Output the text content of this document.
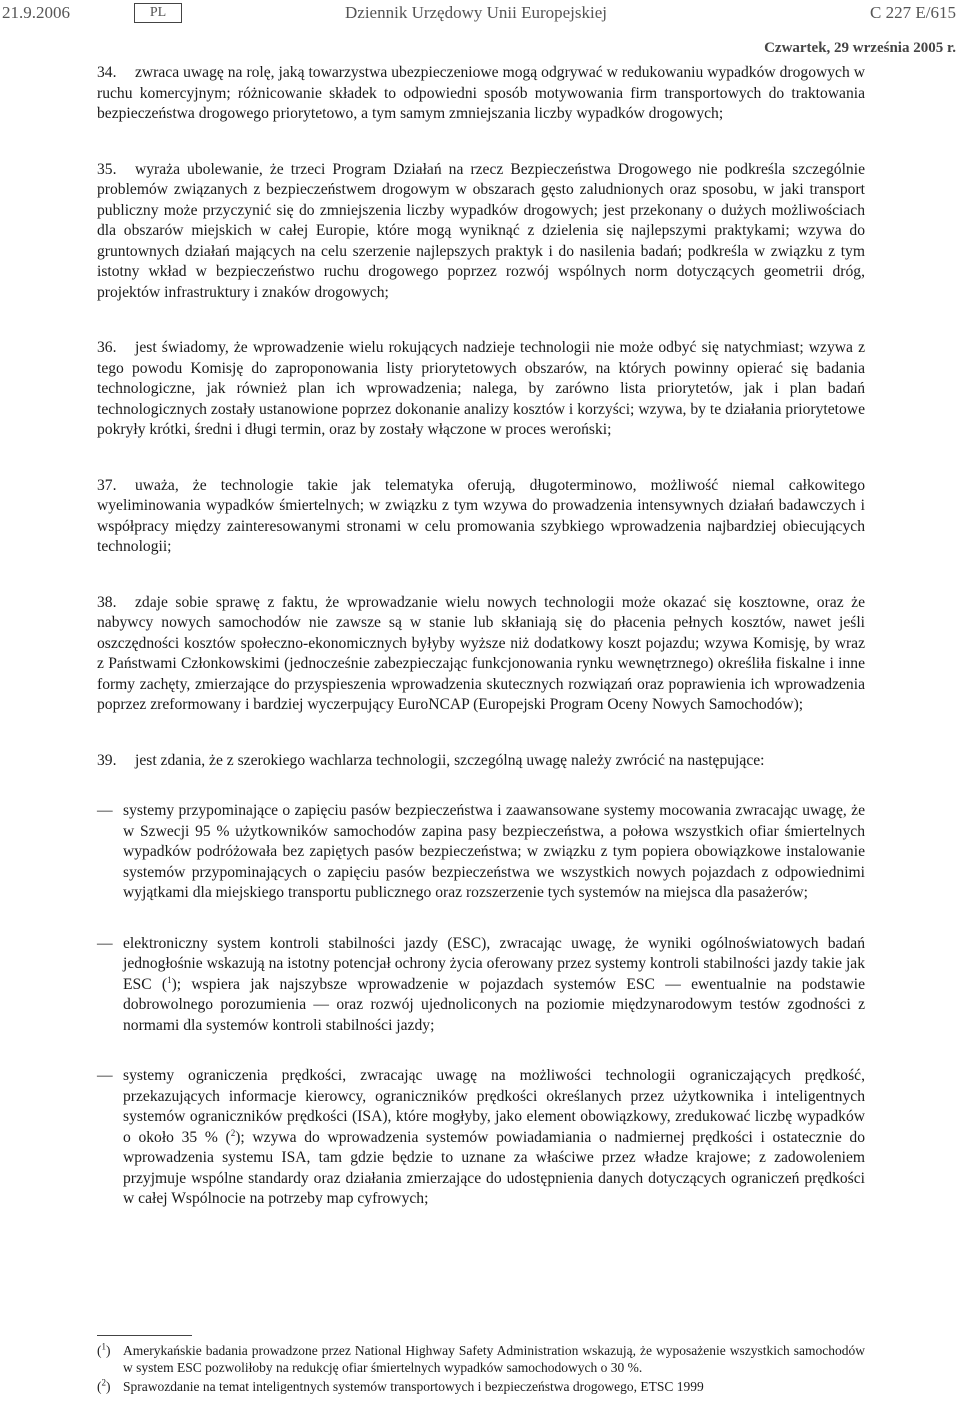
21.9.2006	PL	Dziennik Urzędowy Unii Europejskiej	C 227 E/615
Czwartek, 29 września 2005 r.

34. zwraca uwagę na rolę, jaką towarzystwa ubezpieczeniowe mogą odgrywać w redukowaniu wypadków drogowych w ruchu komercyjnym; różnicowanie składek to odpowiedni sposób motywowania firm transportowych do traktowania bezpieczeństwa drogowego priorytetowo, a tym samym zmniejszania liczby wypadków drogowych;

35. wyraża ubolewanie, że trzeci Program Działań na rzecz Bezpieczeństwa Drogowego nie podkreśla szczególnie problemów związanych z bezpieczeństwem drogowym w obszarach gęsto zaludnionych oraz sposobu, w jaki transport publiczny może przyczynić się do zmniejszenia liczby wypadków drogowych; jest przekonany o dużych możliwościach dla obszarów miejskich w całej Europie, które mogą wyniknąć z dzielenia się najlepszymi praktykami; wzywa do gruntownych działań mających na celu szerzenie najlepszych praktyk i do nasilenia badań; podkreśla w związku z tym istotny wkład w bezpieczeństwo ruchu drogowego poprzez rozwój wspólnych norm dotyczących geometrii dróg, projektów infrastruktury i znaków drogowych;

36. jest świadomy, że wprowadzenie wielu rokujących nadzieje technologii nie może odbyć się natychmiast; wzywa z tego powodu Komisję do zaproponowania listy priorytetowych obszarów, na których powinny opierać się badania technologiczne, jak również plan ich wprowadzenia; nalega, by zarówno lista priorytetów, jak i plan badań technologicznych zostały ustanowione poprzez dokonanie analizy kosztów i korzyści; wzywa, by te działania priorytetowe pokryły krótki, średni i długi termin, oraz by zostały włączone w proces weroński;

37. uważa, że technologie takie jak telematyka oferują, długoterminowo, możliwość niemal całkowitego wyeliminowania wypadków śmiertelnych; w związku z tym wzywa do prowadzenia intensywnych działań badawczych i współpracy między zainteresowanymi stronami w celu promowania szybkiego wprowadzenia najbardziej obiecujących technologii;

38. zdaje sobie sprawę z faktu, że wprowadzanie wielu nowych technologii może okazać się kosztowne, oraz że nabywcy nowych samochodów nie zawsze są w stanie lub skłaniają się do płacenia pełnych kosztów, nawet jeśli oszczędności kosztów społeczno-ekonomicznych byłyby wyższe niż dodatkowy koszt pojazdu; wzywa Komisję, by wraz z Państwami Członkowskimi (jednocześnie zabezpieczając funkcjonowania rynku wewnętrznego) określiła fiskalne i inne formy zachęty, zmierzające do przyspieszenia wprowadzenia skutecznych rozwiązań oraz poprawienia ich wprowadzenia poprzez zreformowany i bardziej wyczerpujący EuroNCAP (Europejski Program Oceny Nowych Samochodów);

39. jest zdania, że z szerokiego wachlarza technologii, szczególną uwagę należy zwrócić na następujące:

— systemy przypominające o zapięciu pasów bezpieczeństwa i zaawansowane systemy mocowania zwracając uwagę, że w Szwecji 95 % użytkowników samochodów zapina pasy bezpieczeństwa, a połowa wszystkich ofiar śmiertelnych wypadków podróżowała bez zapiętych pasów bezpieczeństwa; w związku z tym popiera obowiązkowe instalowanie systemów przypominających o zapięciu pasów bezpieczeństwa we wszystkich nowych pojazdach z odpowiednimi wyjątkami dla miejskiego transportu publicznego oraz rozszerzenie tych systemów na miejsca dla pasażerów;

— elektroniczny system kontroli stabilności jazdy (ESC), zwracając uwagę, że wyniki ogólnoświatowych badań jednogłośnie wskazują na istotny potencjał ochrony życia oferowany przez systemy kontroli stabilności jazdy takie jak ESC ($^1$); wspiera jak najszybsze wprowadzenie w pojazdach systemów ESC — ewentualnie na podstawie dobrowolnego porozumienia — oraz rozwój ujednoliconych na poziomie międzynarodowym testów zgodności z normami dla systemów kontroli stabilności jazdy;

— systemy ograniczenia prędkości, zwracając uwagę na możliwości technologii ograniczających prędkość, przekazujących informacje kierowcy, ograniczników prędkości określanych przez użytkownika i inteligentnych systemów ograniczników prędkości (ISA), które mogłyby, jako element obowiązkowy, zredukować liczbę wypadków o około 35 % ($^2$); wzywa do wprowadzenia systemów powiadamiania o nadmiernej prędkości i ostatecznie do wprowadzenia systemu ISA, tam gdzie będzie to uznane za właściwe przez władze krajowe; z zadowoleniem przyjmuje wspólne standardy oraz działania zmierzające do udostępnienia danych dotyczących ograniczeń prędkości w całej Wspólnocie na potrzeby map cyfrowych;

($^1$) Amerykańskie badania prowadzone przez National Highway Safety Administration wskazują, że wyposażenie wszystkich samochodów w system ESC pozwoliłoby na redukcję ofiar śmiertelnych wypadków samochodowych o 30 %.

($^2$) Sprawozdanie na temat inteligentnych systemów transportowych i bezpieczeństwa drogowego, ETSC 1999
